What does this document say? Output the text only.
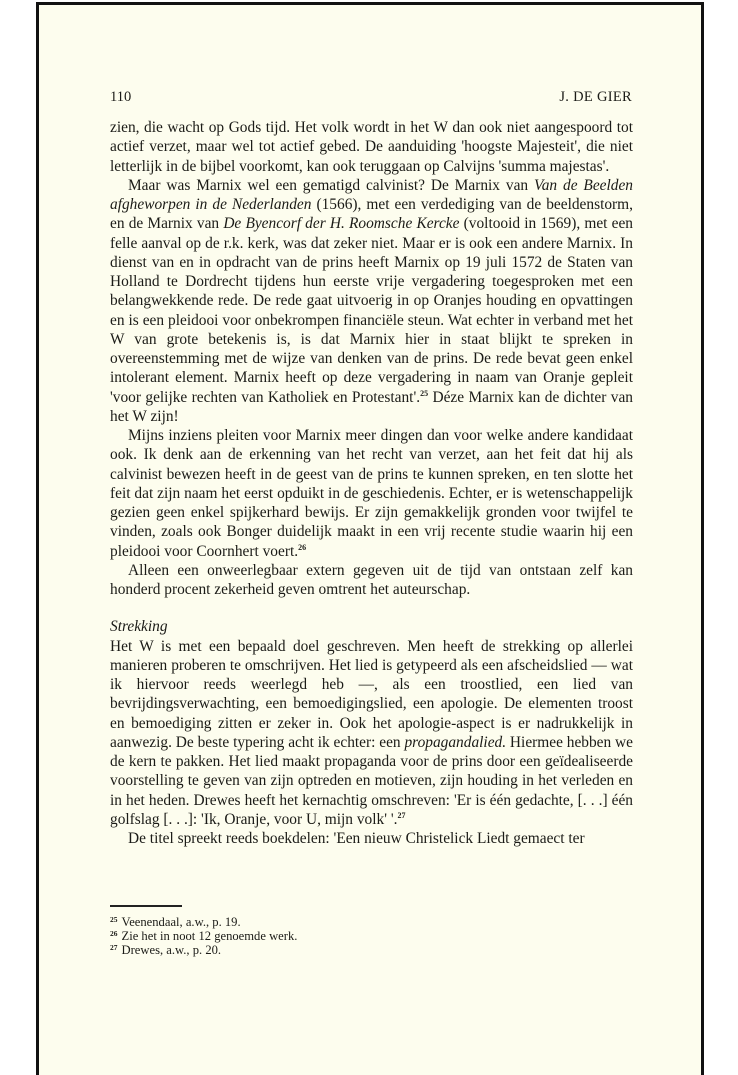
110	J. DE GIER

zien, die wacht op Gods tijd. Het volk wordt in het W dan ook niet aangespoord tot actief verzet, maar wel tot actief gebed. De aanduiding 'hoogste Majesteit', die niet letterlijk in de bijbel voorkomt, kan ook teruggaan op Calvijns 'summa majestas'.

Maar was Marnix wel een gematigd calvinist? De Marnix van Van de Beelden afgheworpen in de Nederlanden (1566), met een verdediging van de beeldenstorm, en de Marnix van De Byencorf der H. Roomsche Kercke (voltooid in 1569), met een felle aanval op de r.k. kerk, was dat zeker niet. Maar er is ook een andere Marnix. In dienst van en in opdracht van de prins heeft Marnix op 19 juli 1572 de Staten van Holland te Dordrecht tijdens hun eerste vrije vergadering toegesproken met een belangwekkende rede. De rede gaat uitvoerig in op Oranjes houding en opvattingen en is een pleidooi voor onbekrompen financiële steun. Wat echter in verband met het W van grote betekenis is, is dat Marnix hier in staat blijkt te spreken in overeenstemming met de wijze van denken van de prins. De rede bevat geen enkel intolerant element. Marnix heeft op deze vergadering in naam van Oranje gepleit 'voor gelijke rechten van Katholiek en Protestant'.$^{25}$ Déze Marnix kan de dichter van het W zijn!

Mijns inziens pleiten voor Marnix meer dingen dan voor welke andere kandidaat ook. Ik denk aan de erkenning van het recht van verzet, aan het feit dat hij als calvinist bewezen heeft in de geest van de prins te kunnen spreken, en ten slotte het feit dat zijn naam het eerst opduikt in de geschiedenis. Echter, er is wetenschappelijk gezien geen enkel spijkerhard bewijs. Er zijn gemakkelijk gronden voor twijfel te vinden, zoals ook Bonger duidelijk maakt in een vrij recente studie waarin hij een pleidooi voor Coornhert voert.$^{26}$

Alleen een onweerlegbaar extern gegeven uit de tijd van ontstaan zelf kan honderd procent zekerheid geven omtrent het auteurschap.

Strekking

Het W is met een bepaald doel geschreven. Men heeft de strekking op allerlei manieren proberen te omschrijven. Het lied is getypeerd als een afscheidslied — wat ik hiervoor reeds weerlegd heb —, als een troostlied, een lied van bevrijdingsverwachting, een bemoedigingslied, een apologie. De elementen troost en bemoediging zitten er zeker in. Ook het apologie-aspect is er nadrukkelijk in aanwezig. De beste typering acht ik echter: een propagandalied. Hiermee hebben we de kern te pakken. Het lied maakt propaganda voor de prins door een geïdealiseerde voorstelling te geven van zijn optreden en motieven, zijn houding in het verleden en in het heden. Drewes heeft het kernachtig omschreven: 'Er is één gedachte, [. . .] één golfslag [. . .]: 'Ik, Oranje, voor U, mijn volk' '.$^{27}$

De titel spreekt reeds boekdelen: 'Een nieuw Christelick Liedt gemaect ter

$^{25}$ Veenendaal, a.w., p. 19.
$^{26}$ Zie het in noot 12 genoemde werk.
$^{27}$ Drewes, a.w., p. 20.
